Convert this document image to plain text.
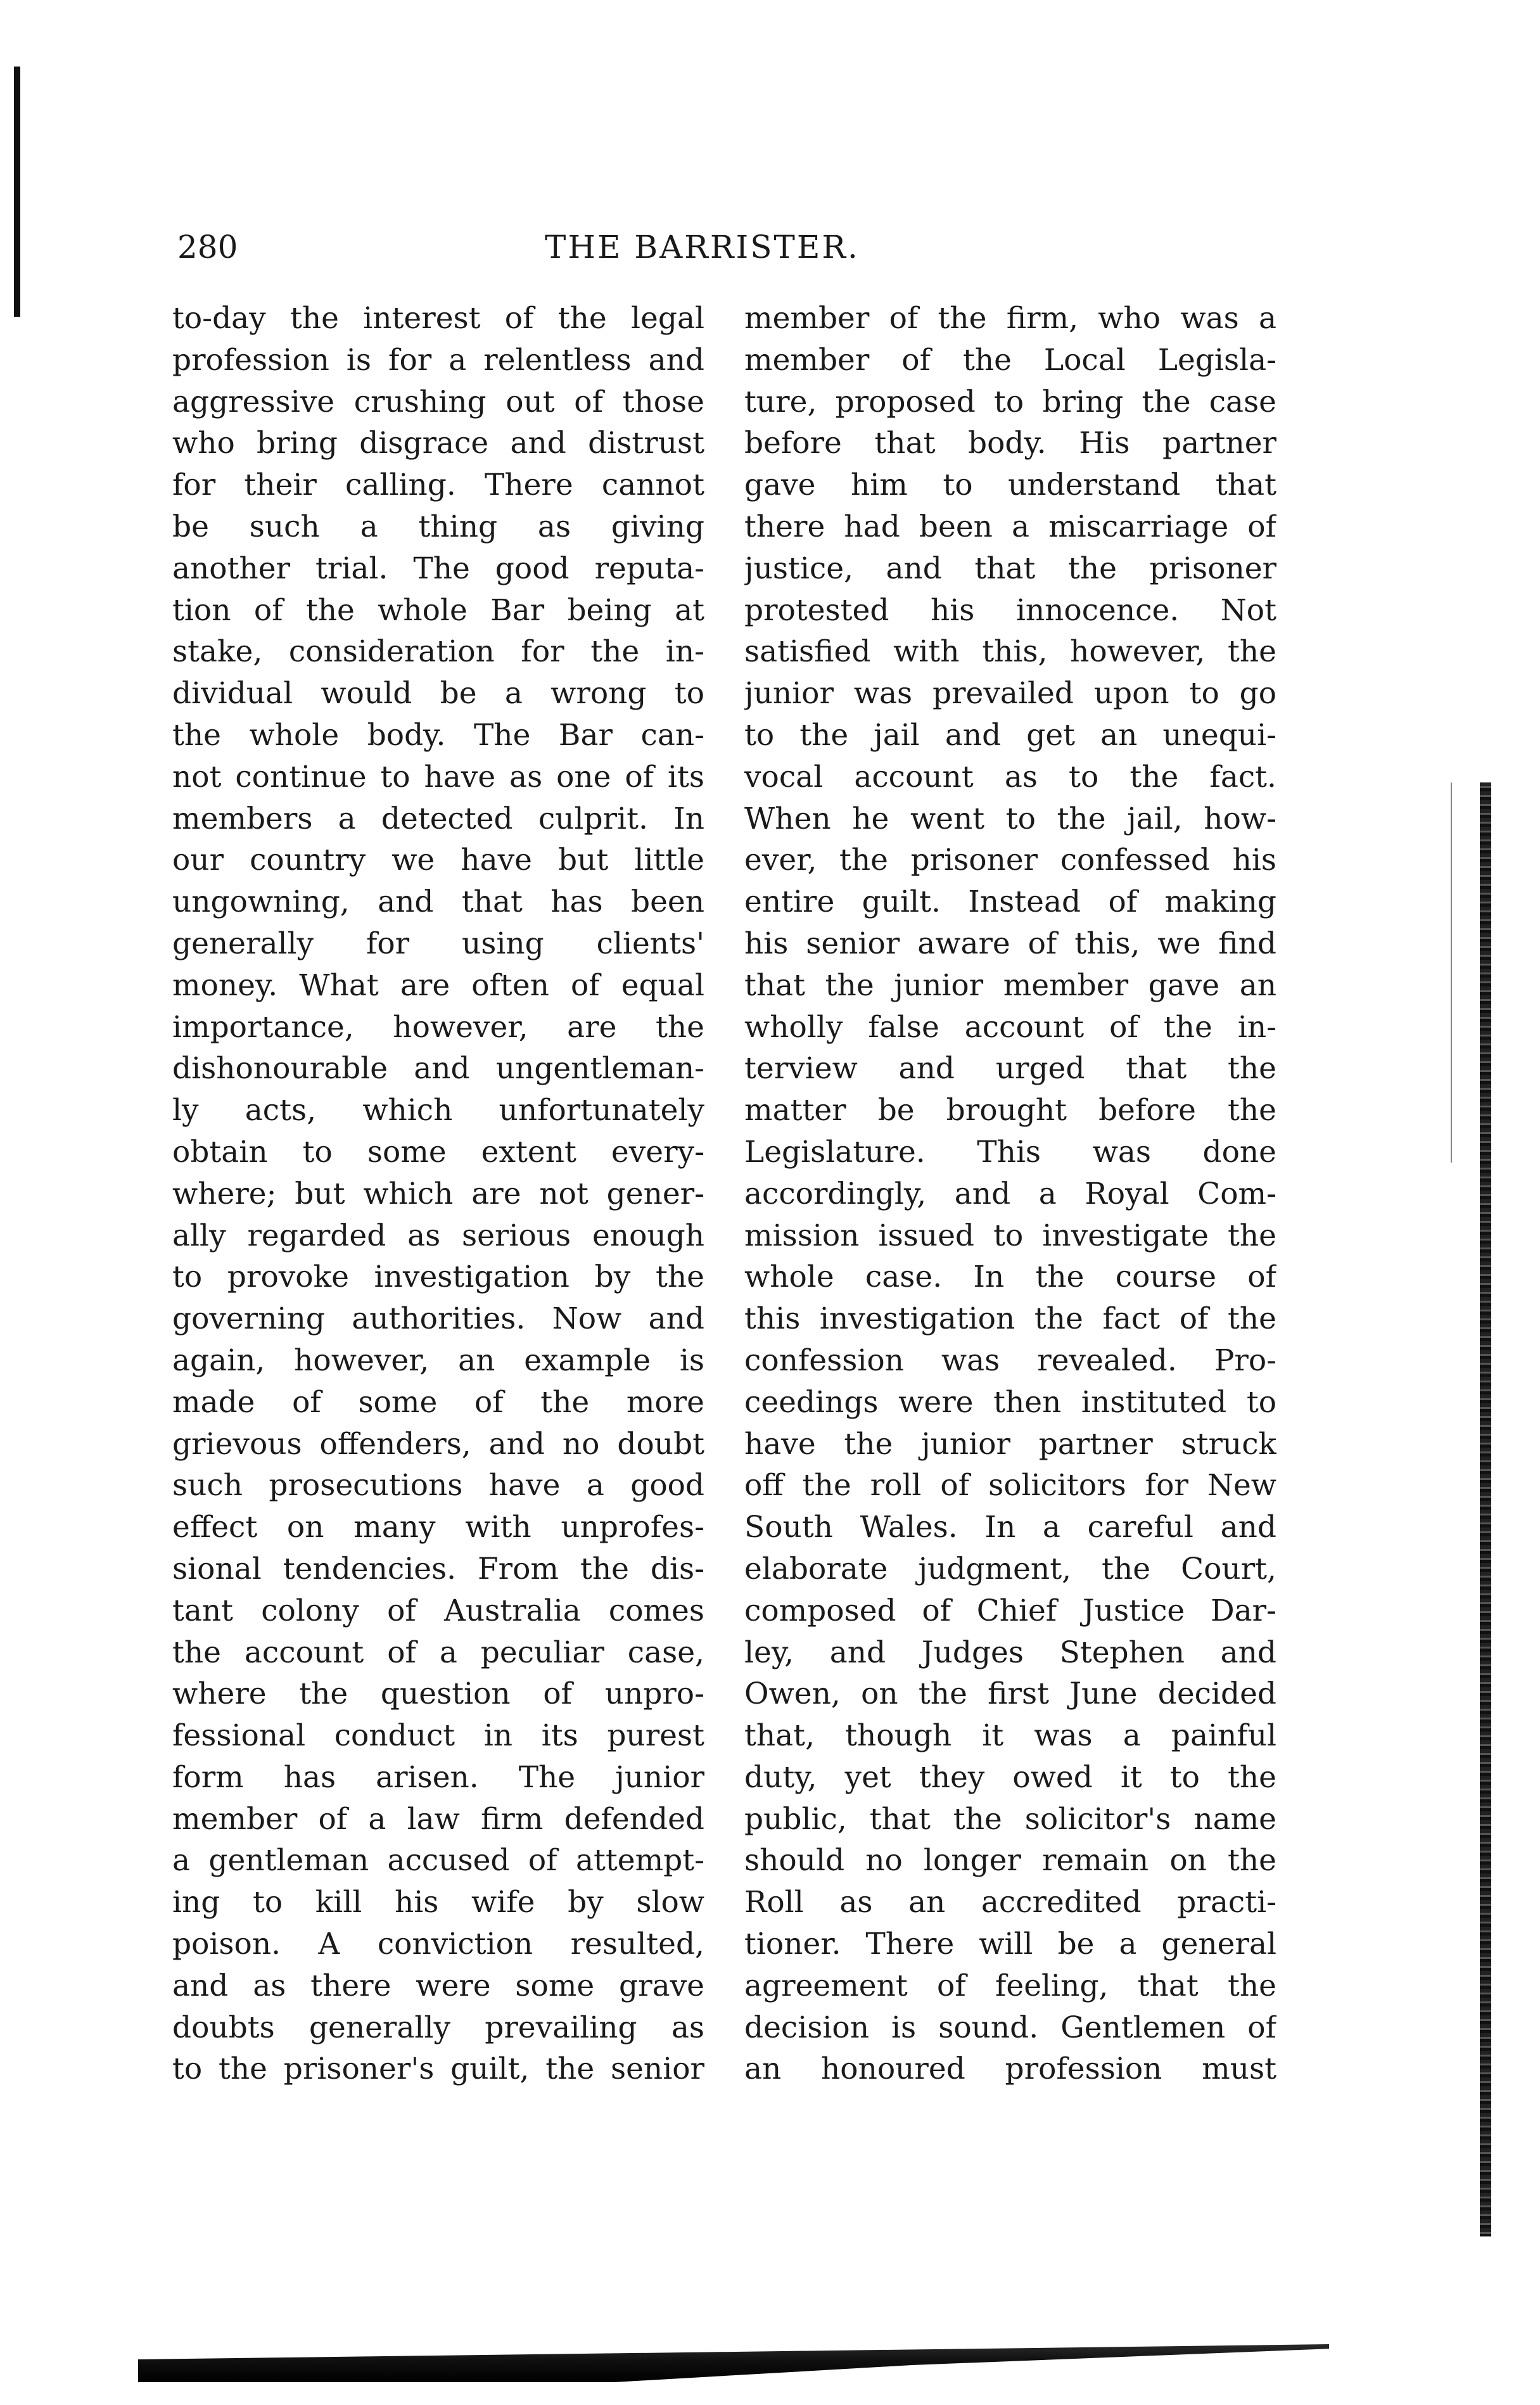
280	THE BARRISTER.
to-day the interest of the legal
profession is for a relentless and
aggressive crushing out of those
who bring disgrace and distrust
for their calling. There cannot
be such a thing as giving
another trial. The good reputa-
tion of the whole Bar being at
stake, consideration for the in-
dividual would be a wrong to
the whole body. The Bar can-
not continue to have as one of its
members a detected culprit. In
our country we have but little
ungowning, and that has been
generally for using clients'
money. What are often of equal
importance, however, are the
dishonourable and ungentleman-
ly acts, which unfortunately
obtain to some extent every-
where; but which are not gener-
ally regarded as serious enough
to provoke investigation by the
governing authorities. Now and
again, however, an example is
made of some of the more
grievous offenders, and no doubt
such prosecutions have a good
effect on many with unprofes-
sional tendencies. From the dis-
tant colony of Australia comes
the account of a peculiar case,
where the question of unpro-
fessional conduct in its purest
form has arisen. The junior
member of a law firm defended
a gentleman accused of attempt-
ing to kill his wife by slow
poison. A conviction resulted,
and as there were some grave
doubts generally prevailing as
to the prisoner's guilt, the senior
member of the firm, who was a
member of the Local Legisla-
ture, proposed to bring the case
before that body. His partner
gave him to understand that
there had been a miscarriage of
justice, and that the prisoner
protested his innocence. Not
satisfied with this, however, the
junior was prevailed upon to go
to the jail and get an unequi-
vocal account as to the fact.
When he went to the jail, how-
ever, the prisoner confessed his
entire guilt. Instead of making
his senior aware of this, we find
that the junior member gave an
wholly false account of the in-
terview and urged that the
matter be brought before the
Legislature. This was done
accordingly, and a Royal Com-
mission issued to investigate the
whole case. In the course of
this investigation the fact of the
confession was revealed. Pro-
ceedings were then instituted to
have the junior partner struck
off the roll of solicitors for New
South Wales. In a careful and
elaborate judgment, the Court,
composed of Chief Justice Dar-
ley, and Judges Stephen and
Owen, on the first June decided
that, though it was a painful
duty, yet they owed it to the
public, that the solicitor's name
should no longer remain on the
Roll as an accredited practi-
tioner. There will be a general
agreement of feeling, that the
decision is sound. Gentlemen of
an honoured profession must
